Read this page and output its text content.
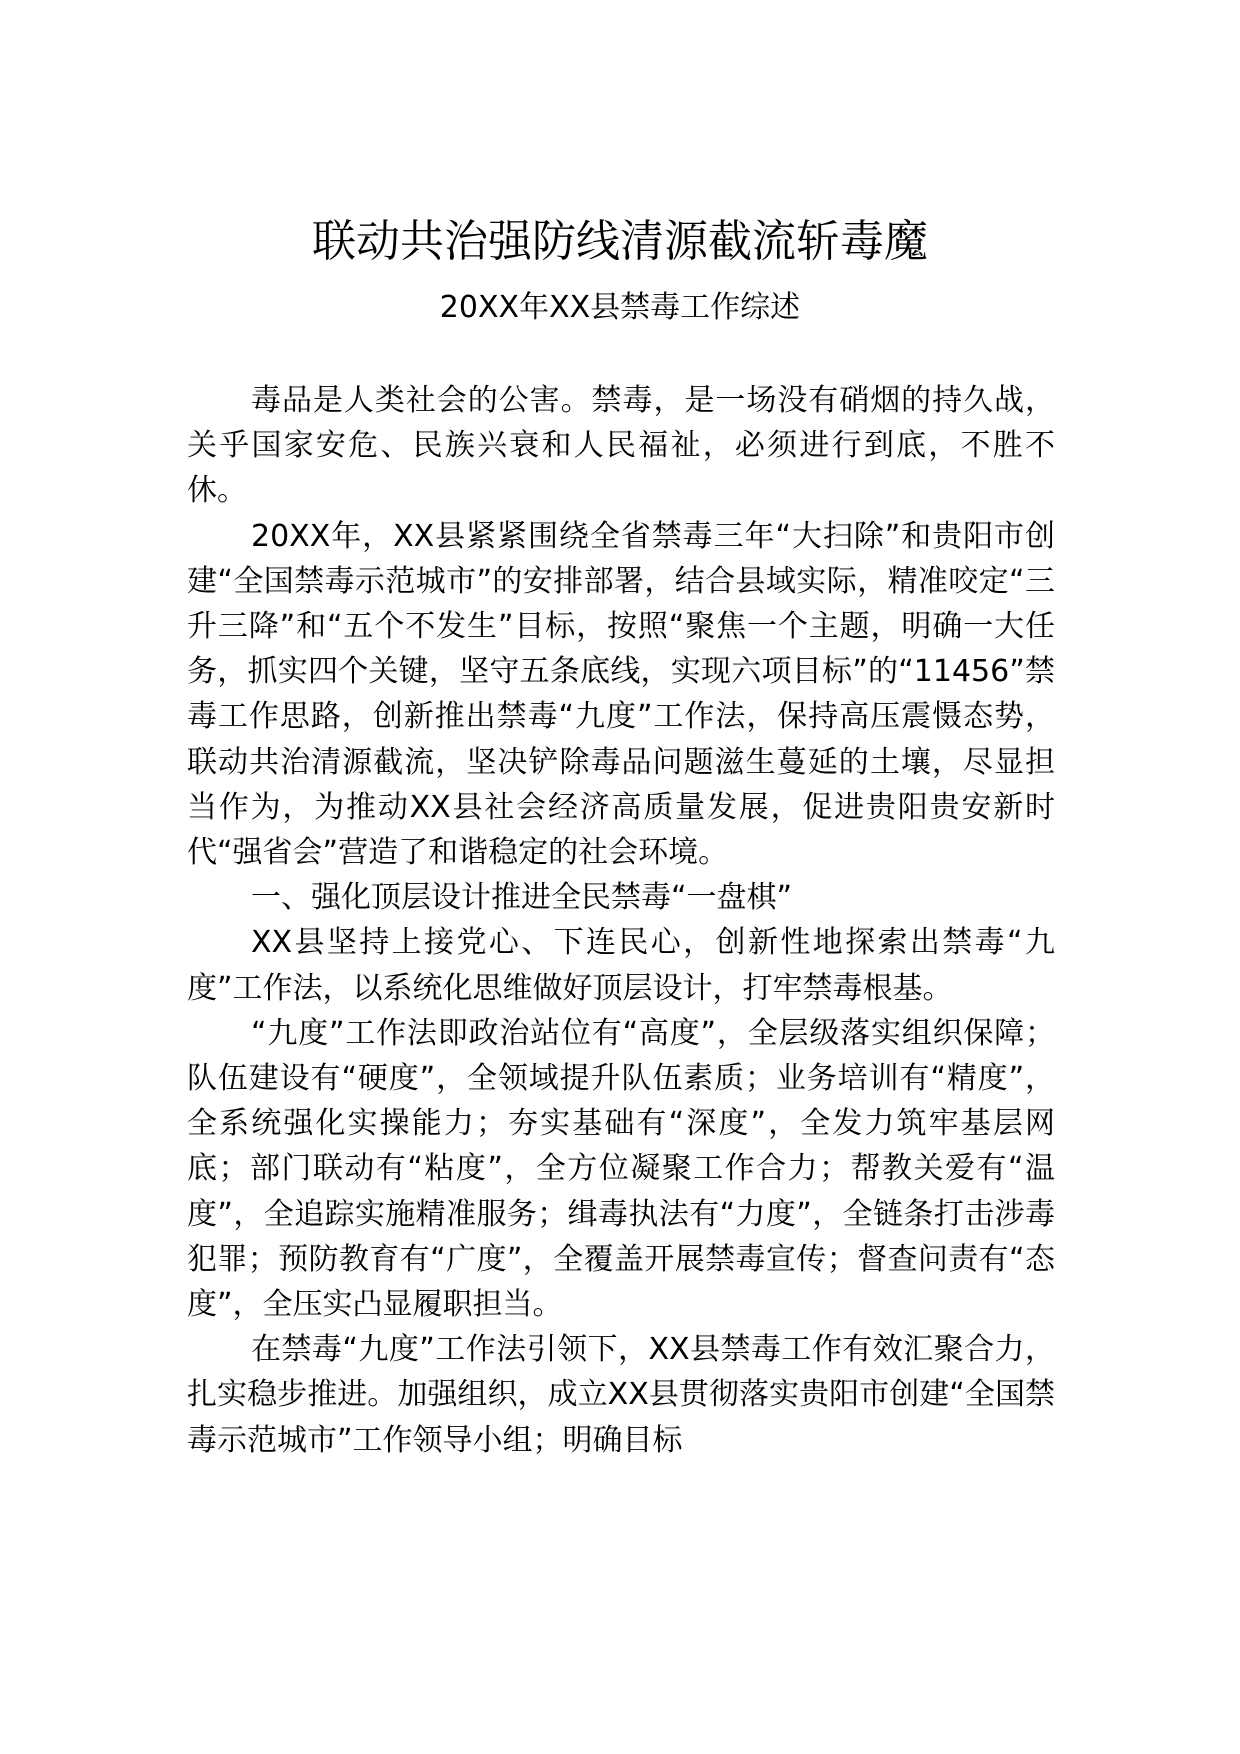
联动共治强防线清源截流斩毒魔
20XX年XX县禁毒工作综述

毒品是人类社会的公害。禁毒，是一场没有硝烟的持久战，关乎国家安危、民族兴衰和人民福祉，必须进行到底，不胜不休。

20XX年，XX县紧紧围绕全省禁毒三年“大扫除”和贵阳市创建“全国禁毒示范城市”的安排部署，结合县域实际，精准咬定“三升三降”和“五个不发生”目标，按照“聚焦一个主题，明确一大任务，抓实四个关键，坚守五条底线，实现六项目标”的“11456”禁毒工作思路，创新推出禁毒“九度”工作法，保持高压震慑态势，联动共治清源截流，坚决铲除毒品问题滋生蔓延的土壤，尽显担当作为，为推动XX县社会经济高质量发展，促进贵阳贵安新时代“强省会”营造了和谐稳定的社会环境。

一、强化顶层设计推进全民禁毒“一盘棋”

XX县坚持上接党心、下连民心，创新性地探索出禁毒“九度”工作法，以系统化思维做好顶层设计，打牢禁毒根基。

“九度”工作法即政治站位有“高度”，全层级落实组织保障；队伍建设有“硬度”，全领域提升队伍素质；业务培训有“精度”，全系统强化实操能力；夯实基础有“深度”，全发力筑牢基层网底；部门联动有“粘度”，全方位凝聚工作合力；帮教关爱有“温度”，全追踪实施精准服务；缉毒执法有“力度”，全链条打击涉毒犯罪；预防教育有“广度”，全覆盖开展禁毒宣传；督查问责有“态度”，全压实凸显履职担当。

在禁毒“九度”工作法引领下，XX县禁毒工作有效汇聚合力，扎实稳步推进。加强组织，成立XX县贯彻落实贵阳市创建“全国禁毒示范城市”工作领导小组；明确目标
